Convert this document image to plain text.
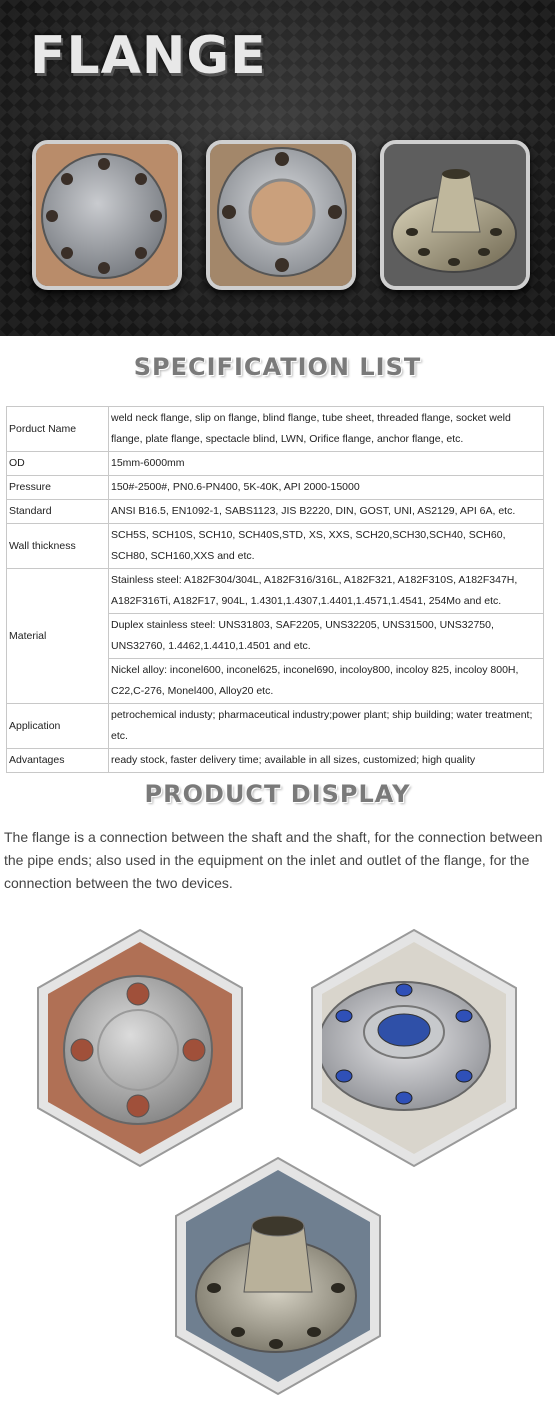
FLANGE
SPECIFICATION LIST
Porduct Name	weld neck flange, slip on flange, blind flange, tube sheet, threaded flange, socket weld flange, plate flange, spectacle blind, LWN, Orifice flange, anchor flange, etc.
OD	15mm-6000mm
Pressure	150#-2500#, PN0.6-PN400, 5K-40K, API 2000-15000
Standard	ANSI B16.5, EN1092-1, SABS1123, JIS B2220, DIN, GOST, UNI, AS2129, API 6A, etc.
Wall thickness	SCH5S, SCH10S, SCH10, SCH40S,STD, XS, XXS, SCH20,SCH30,SCH40, SCH60, SCH80, SCH160,XXS and etc.
Material	Stainless steel: A182F304/304L, A182F316/316L, A182F321, A182F310S, A182F347H, A182F316Ti, A182F17, 904L, 1.4301,1.4307,1.4401,1.4571,1.4541, 254Mo and etc.
	Duplex stainless steel: UNS31803, SAF2205, UNS32205, UNS31500, UNS32750, UNS32760, 1.4462,1.4410,1.4501 and etc.
	Nickel alloy: inconel600, inconel625, inconel690, incoloy800, incoloy 825, incoloy 800H, C22,C-276, Monel400, Alloy20 etc.
Application	petrochemical industy; pharmaceutical industry;power plant; ship building; water treatment; etc.
Advantages	ready stock, faster delivery time; available in all sizes, customized; high quality
PRODUCT DISPLAY
The flange is a connection between the shaft and the shaft, for the connection between the pipe ends; also used in the equipment on the inlet and outlet of the flange, for the connection between the two devices.
